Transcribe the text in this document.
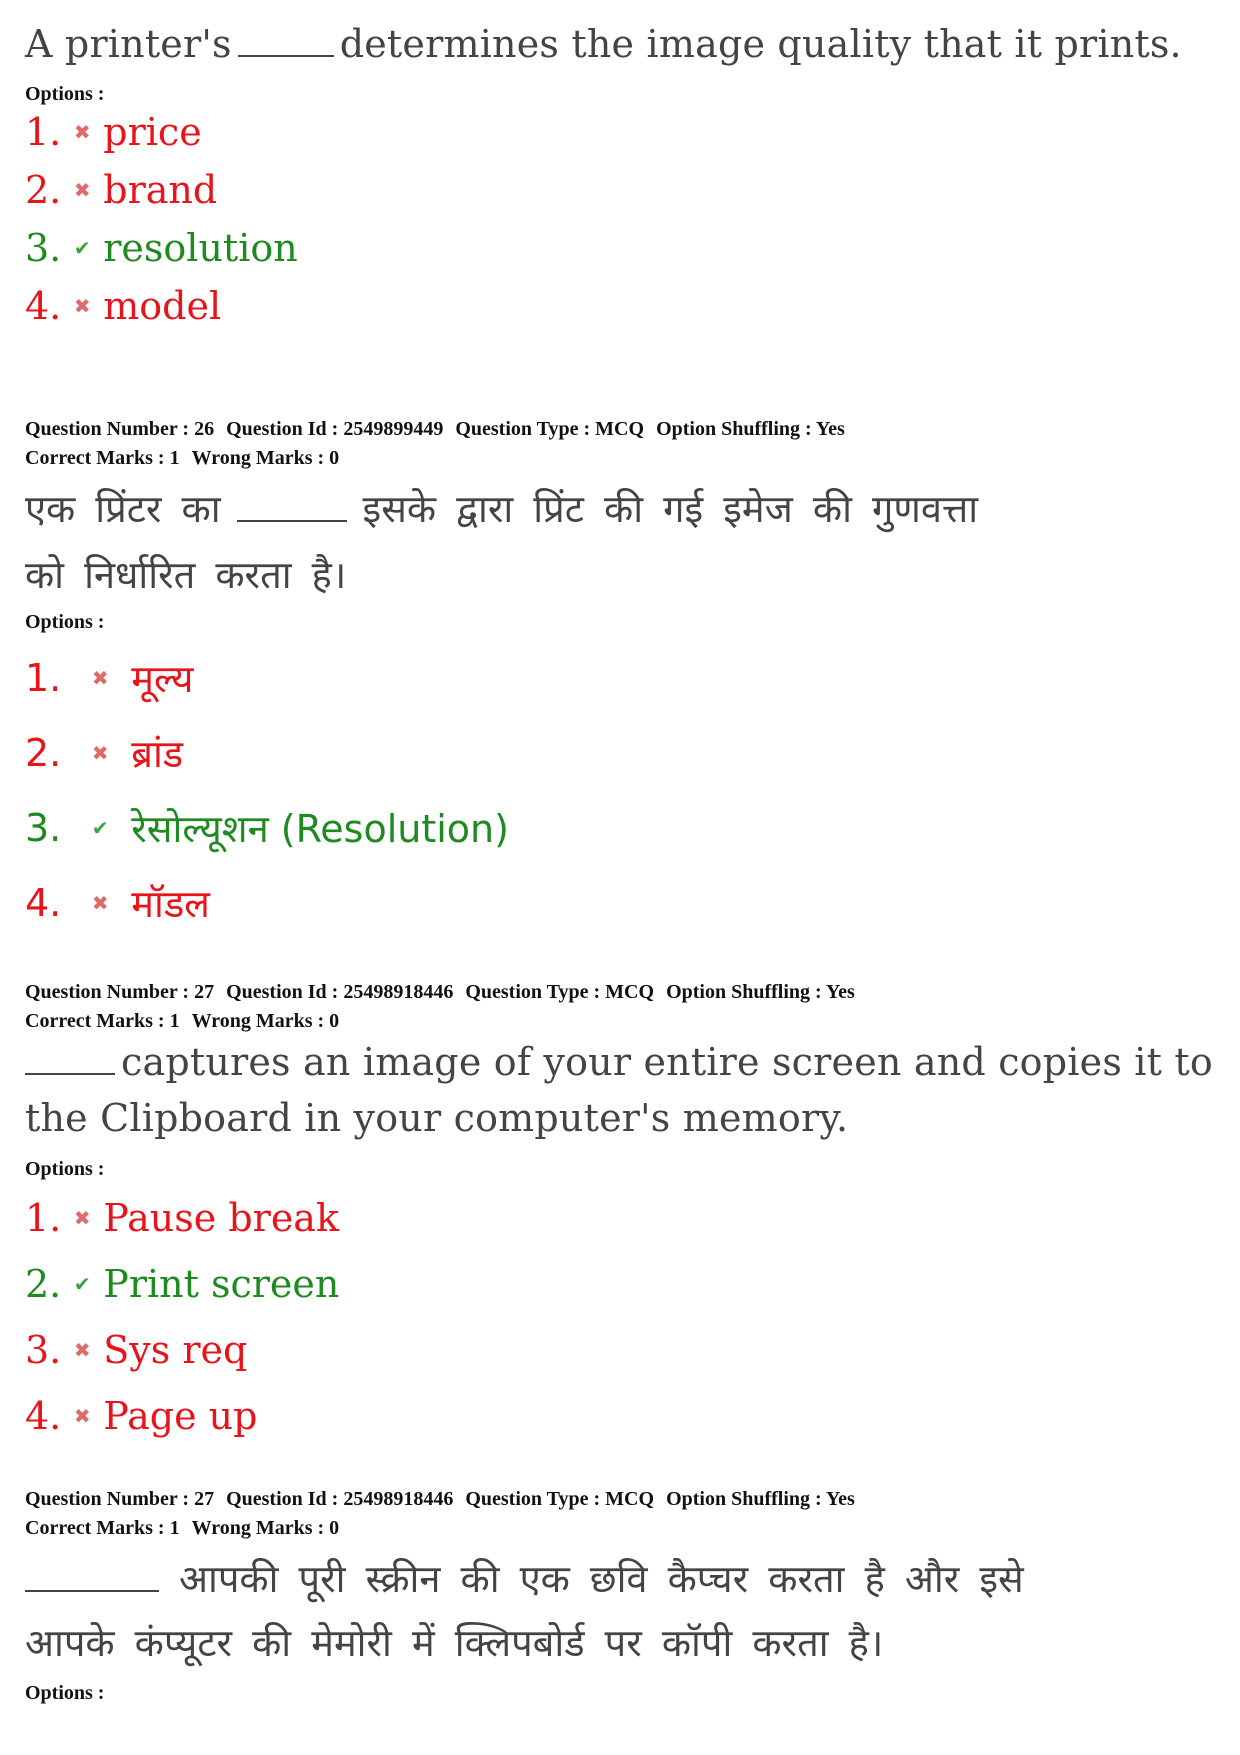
A printer's	determines the image quality that it prints.
Options :
1. ✖ price
2. ✖ brand
3. ✔ resolution
4. ✖ model
Question Number : 26 Question Id : 2549899449 Question Type : MCQ Option Shuffling : Yes
Correct Marks : 1 Wrong Marks : 0
एक प्रिंटर का	इसके द्वारा प्रिंट की गई इमेज की गुणवत्ता
को निर्धारित करता है।
Options :
1.	✖ मूल्य
2.	✖ ब्रांड
3.	✔ रेसोल्यूशन (Resolution)
4.	✖ मॉडल
Question Number : 27 Question Id : 25498918446 Question Type : MCQ Option Shuffling : Yes
Correct Marks : 1 Wrong Marks : 0
captures an image of your entire screen and copies it to
the Clipboard in your computer's memory.
Options :
1. ✖ Pause break
2. ✔ Print screen
3. ✖ Sys req
4. ✖ Page up
Question Number : 27 Question Id : 25498918446 Question Type : MCQ Option Shuffling : Yes
Correct Marks : 1 Wrong Marks : 0
आपकी पूरी स्क्रीन की एक छवि कैप्चर करता है और इसे
आपके कंप्यूटर की मेमोरी में क्लिपबोर्ड पर कॉपी करता है।
Options :
